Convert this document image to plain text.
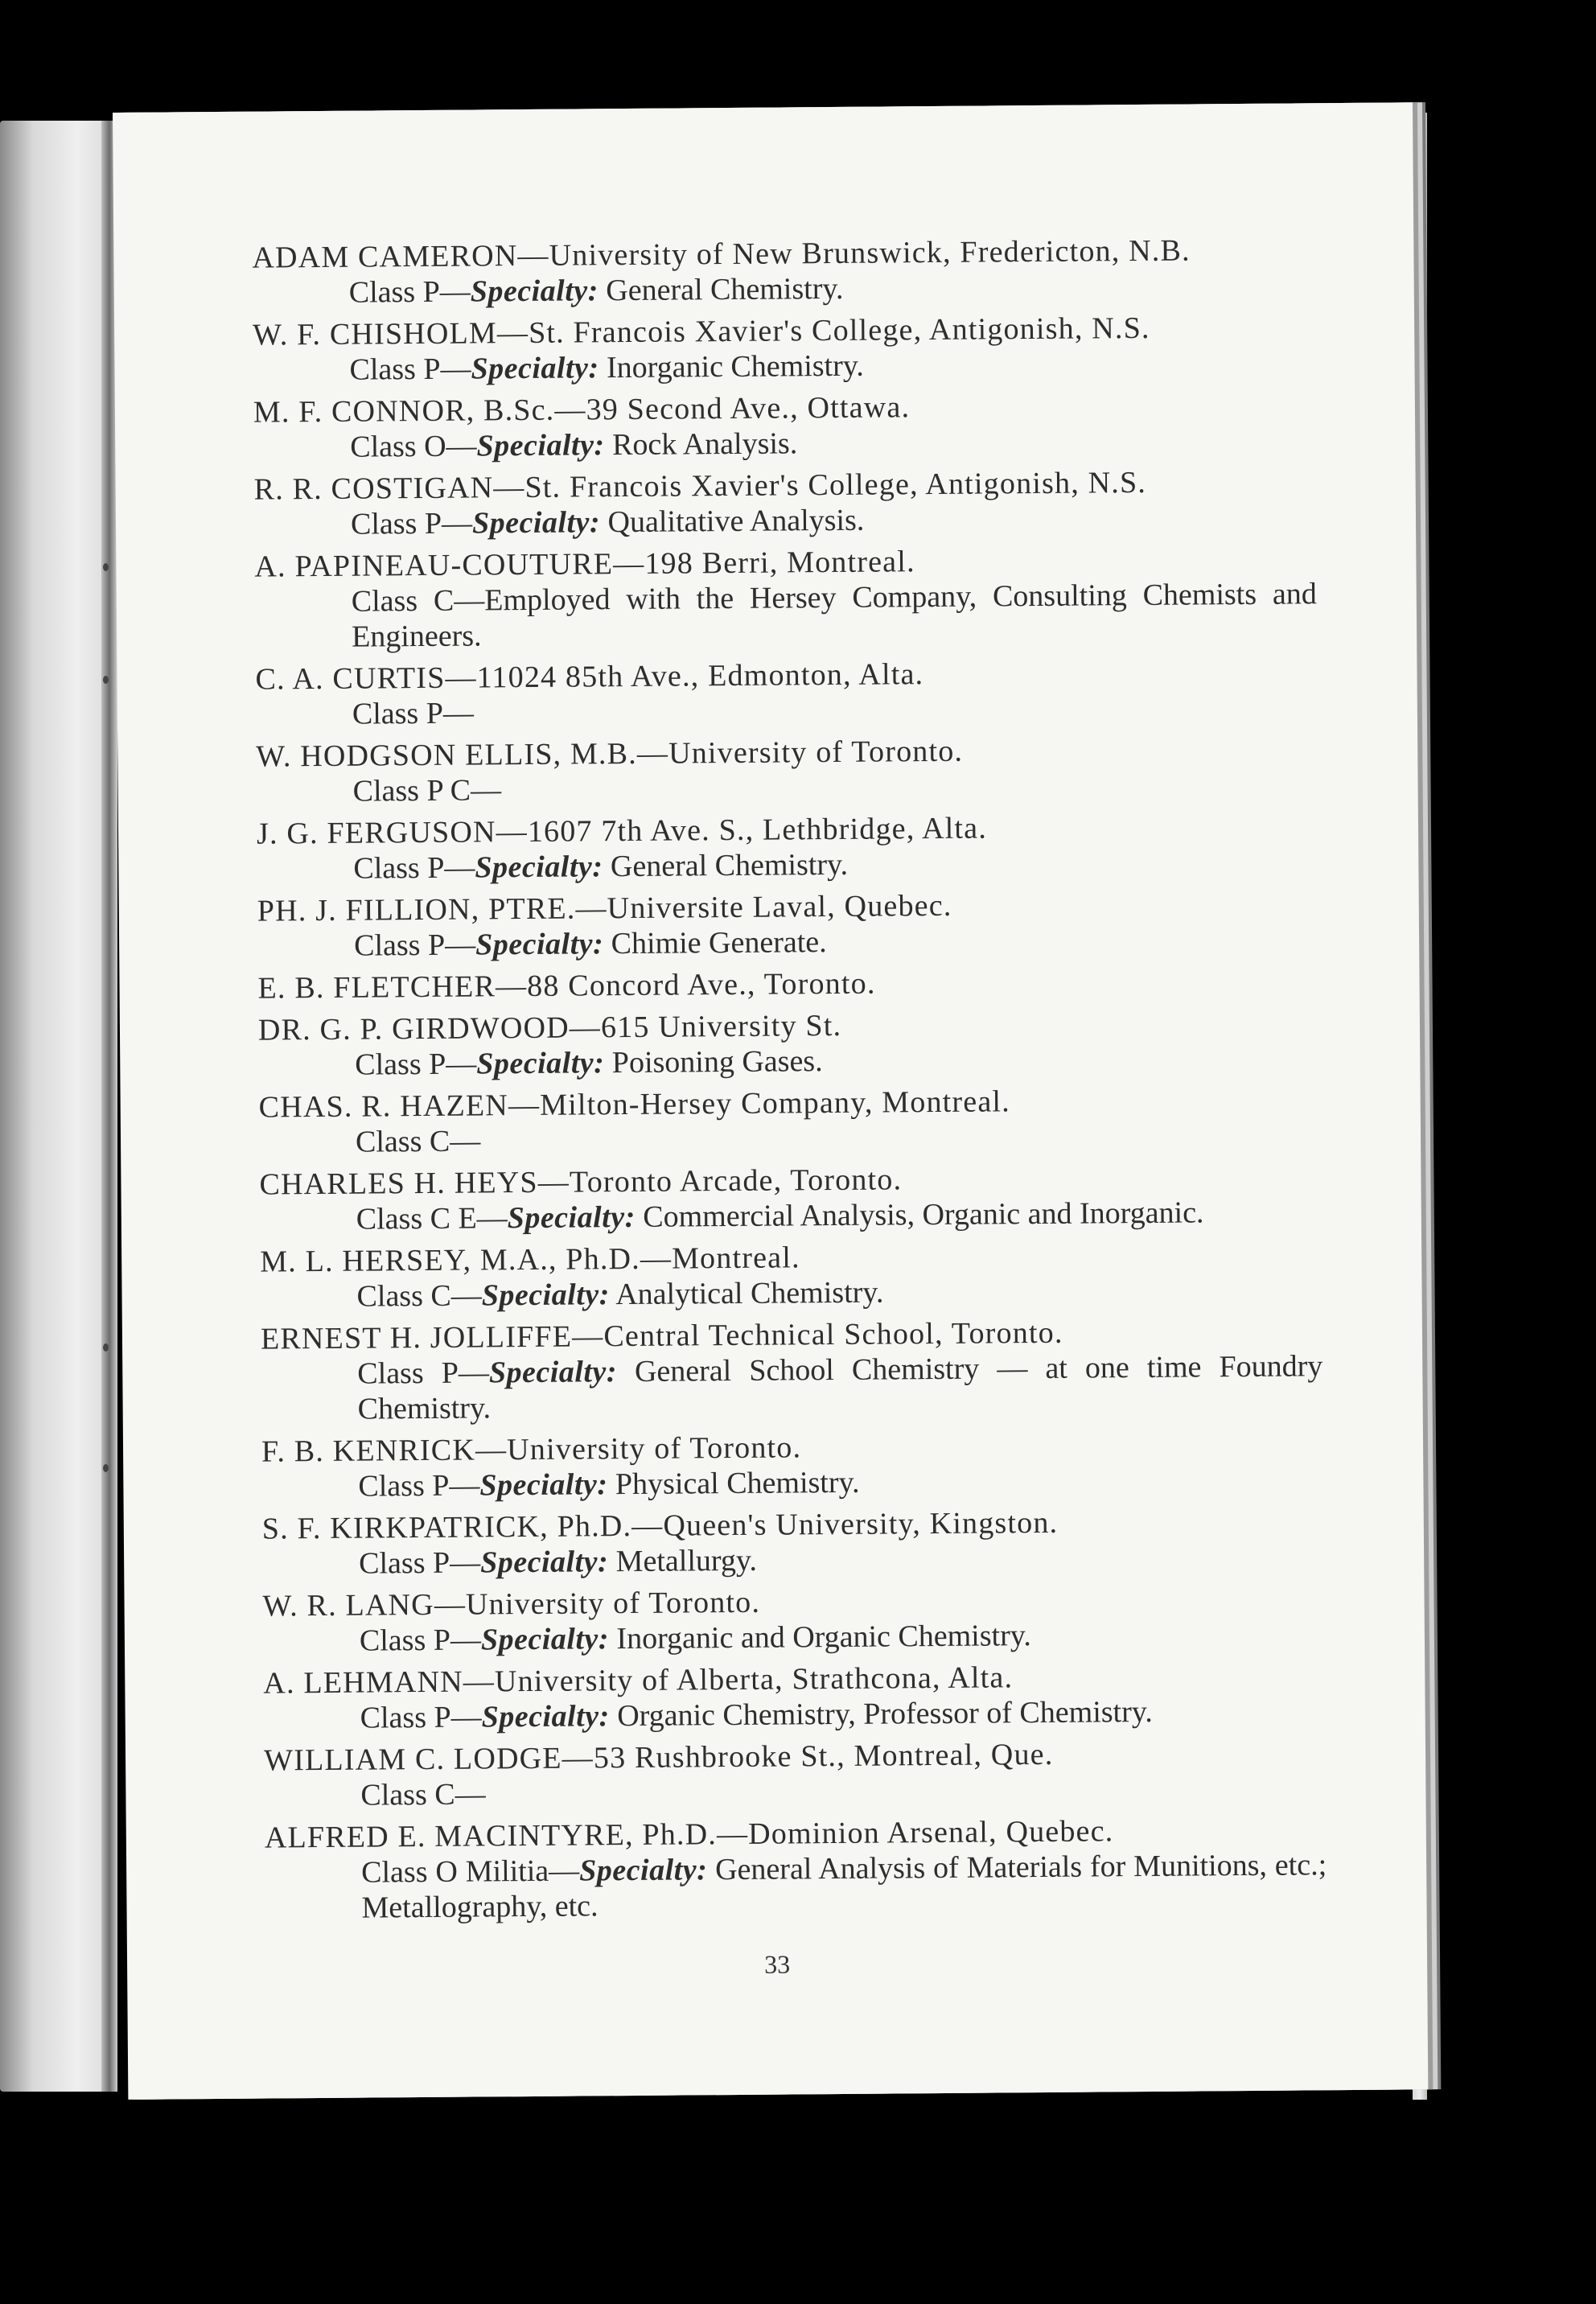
ADAM CAMERON—University of New Brunswick, Fredericton, N.B.
Class P—Specialty: General Chemistry.
W. F. CHISHOLM—St. Francois Xavier's College, Antigonish, N.S.
Class P—Specialty: Inorganic Chemistry.
M. F. CONNOR, B.Sc.—39 Second Ave., Ottawa.
Class O—Specialty: Rock Analysis.
R. R. COSTIGAN—St. Francois Xavier's College, Antigonish, N.S.
Class P—Specialty: Qualitative Analysis.
A. PAPINEAU-COUTURE—198 Berri, Montreal.
Class C—Employed with the Hersey Company, Consulting Chemists and Engineers.
C. A. CURTIS—11024 85th Ave., Edmonton, Alta.
Class P—
W. HODGSON ELLIS, M.B.—University of Toronto.
Class P C—
J. G. FERGUSON—1607 7th Ave. S., Lethbridge, Alta.
Class P—Specialty: General Chemistry.
PH. J. FILLION, PTRE.—Universite Laval, Quebec.
Class P—Specialty: Chimie Generate.
E. B. FLETCHER—88 Concord Ave., Toronto.
DR. G. P. GIRDWOOD—615 University St.
Class P—Specialty: Poisoning Gases.
CHAS. R. HAZEN—Milton-Hersey Company, Montreal.
Class C—
CHARLES H. HEYS—Toronto Arcade, Toronto.
Class C E—Specialty: Commercial Analysis, Organic and Inorganic.
M. L. HERSEY, M.A., Ph.D.—Montreal.
Class C—Specialty: Analytical Chemistry.
ERNEST H. JOLLIFFE—Central Technical School, Toronto.
Class P—Specialty: General School Chemistry — at one time Foundry Chemistry.
F. B. KENRICK—University of Toronto.
Class P—Specialty: Physical Chemistry.
S. F. KIRKPATRICK, Ph.D.—Queen's University, Kingston.
Class P—Specialty: Metallurgy.
W. R. LANG—University of Toronto.
Class P—Specialty: Inorganic and Organic Chemistry.
A. LEHMANN—University of Alberta, Strathcona, Alta.
Class P—Specialty: Organic Chemistry, Professor of Chemistry.
WILLIAM C. LODGE—53 Rushbrooke St., Montreal, Que.
Class C—
ALFRED E. MACINTYRE, Ph.D.—Dominion Arsenal, Quebec.
Class O Militia—Specialty: General Analysis of Materials for Munitions, etc.; Metallography, etc.
33
